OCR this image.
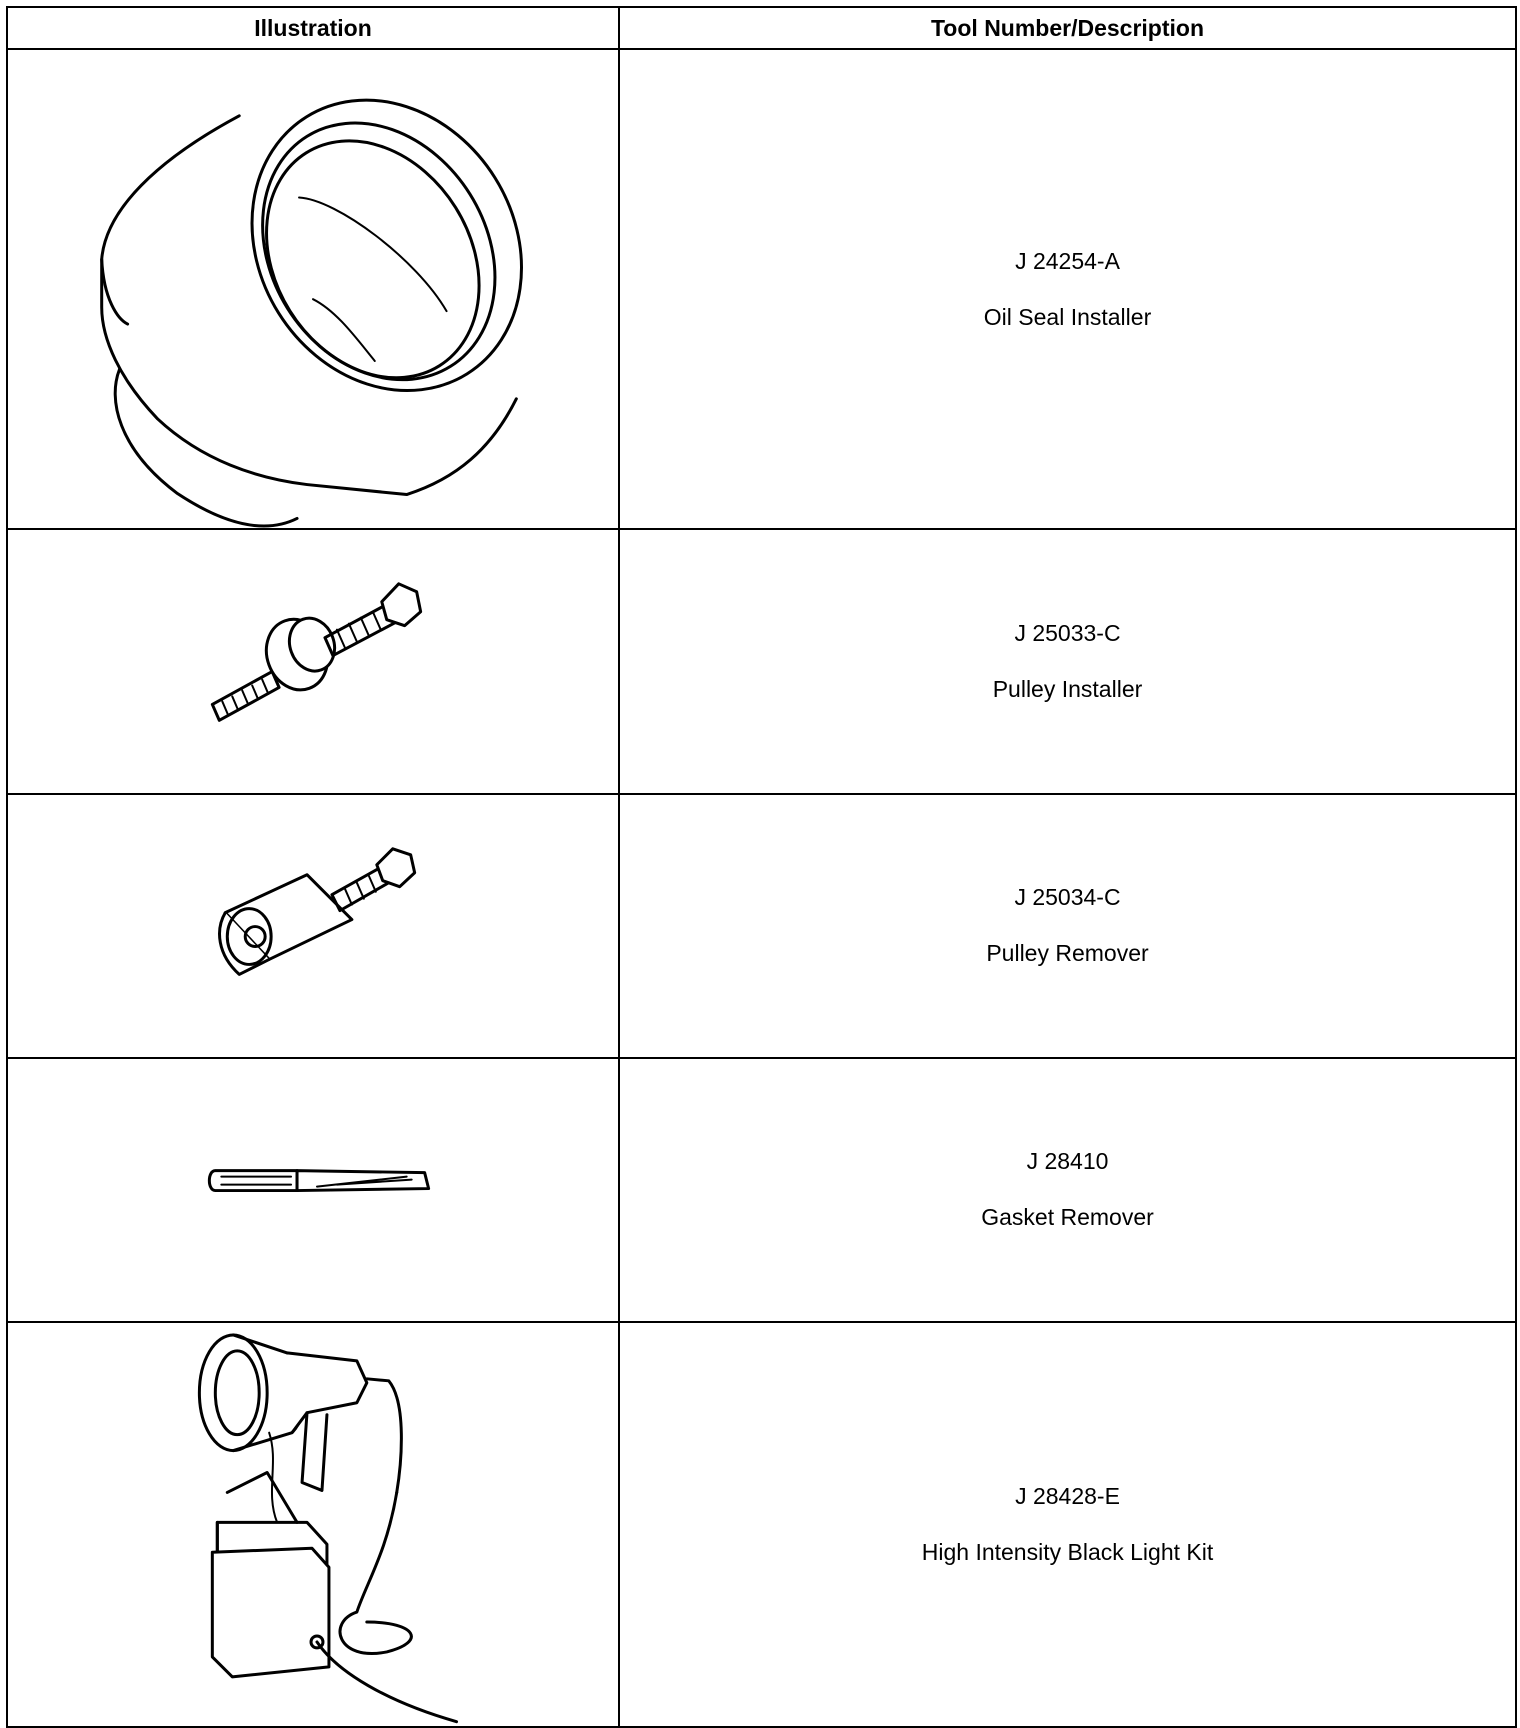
Illustration	Tool Number/Description

J 24254-A
Oil Seal Installer

J 25033-C
Pulley Installer

J 25034-C
Pulley Remover

J 28410
Gasket Remover

J 28428-E
High Intensity Black Light Kit
